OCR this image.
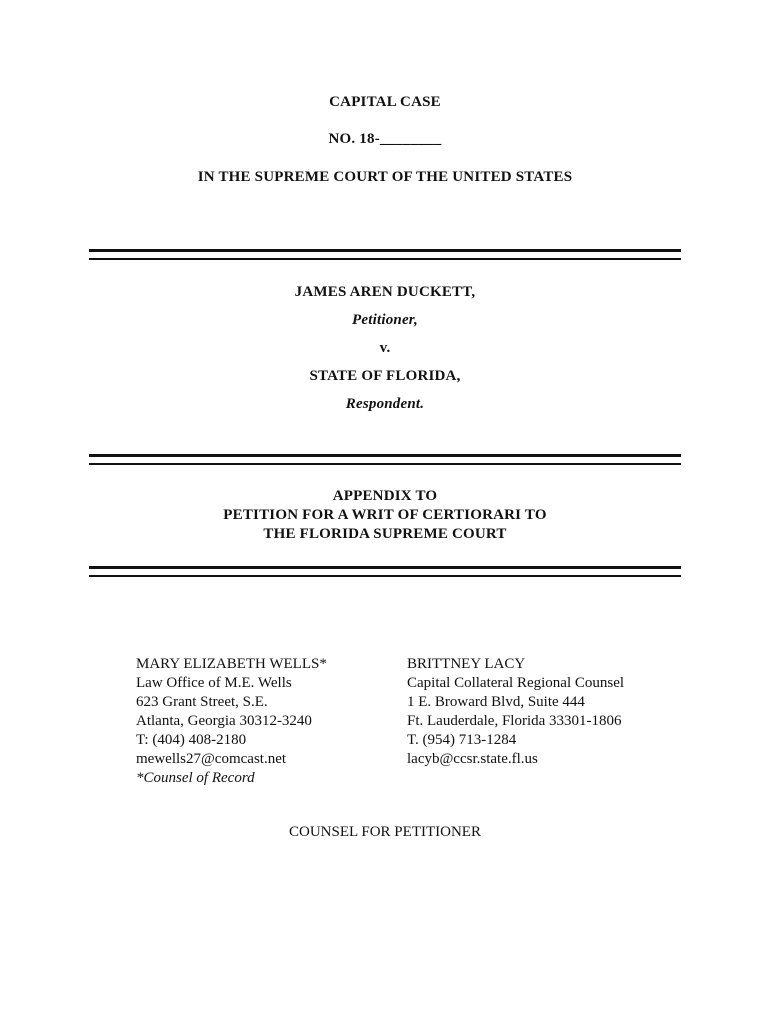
CAPITAL CASE
NO. 18-________
IN THE SUPREME COURT OF THE UNITED STATES
JAMES AREN DUCKETT,
Petitioner,
v.
STATE OF FLORIDA,
Respondent.
APPENDIX TO
PETITION FOR A WRIT OF CERTIORARI TO
THE FLORIDA SUPREME COURT
MARY ELIZABETH WELLS*
Law Office of M.E. Wells
623 Grant Street, S.E.
Atlanta, Georgia 30312-3240
T: (404) 408-2180
mewells27@comcast.net
*Counsel of Record
BRITTNEY LACY
Capital Collateral Regional Counsel
1 E. Broward Blvd, Suite 444
Ft. Lauderdale, Florida 33301-1806
T. (954) 713-1284
lacyb@ccsr.state.fl.us
COUNSEL FOR PETITIONER
